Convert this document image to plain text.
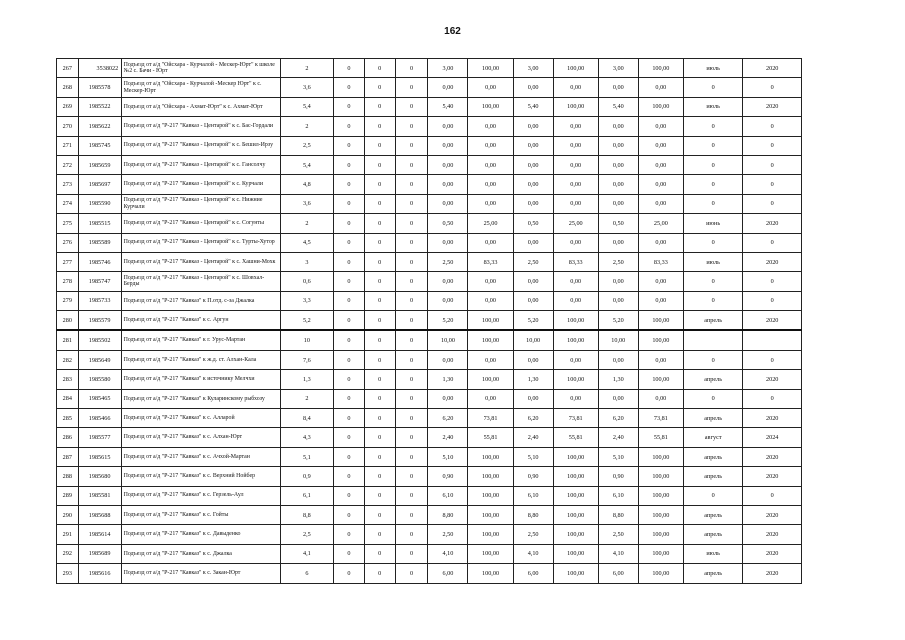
162
267	3538022	Подъезд от а/д "Ойсхара - Курчалой - Мескер-Юрт" к школе №2 с. Бачи - Юрт	2	0	0	0	3,00	100,00	3,00	100,00	3,00	100,00	июль	2020
268	1985578	Подъезд от а/д "Ойсхара - Курчалой -Мескер Юрт" к с. Мескер-Юрт	3,6	0	0	0	0,00	0,00	0,00	0,00	0,00	0,00	0	0
269	1985522	Подъезд от а/д "Ойсхара - Ахмат-Юрт" к с. Ахмат-Юрт	5,4	0	0	0	5,40	100,00	5,40	100,00	5,40	100,00	июль	2020
270	1985622	Подъезд от а/д "Р-217 "Кавказ - Центарой" к с. Бас-Гордали	2	0	0	0	0,00	0,00	0,00	0,00	0,00	0,00	0	0
271	1985745	Подъезд от а/д "Р-217 "Кавказ - Центарой" к с. Бешил-Ирзу	2,5	0	0	0	0,00	0,00	0,00	0,00	0,00	0,00	0	0
272	1985659	Подъезд от а/д "Р-217 "Кавказ - Центарой" к с. Гансолчу	5,4	0	0	0	0,00	0,00	0,00	0,00	0,00	0,00	0	0
273	1985697	Подъезд от а/д "Р-217 "Кавказ - Центарой" к с. Курчали	4,8	0	0	0	0,00	0,00	0,00	0,00	0,00	0,00	0	0
274	1985590	Подъезд от а/д "Р-217 "Кавказ - Центарой" к с. Нижние Курчали	3,6	0	0	0	0,00	0,00	0,00	0,00	0,00	0,00	0	0
275	1985515	Подъезд от а/д "Р-217 "Кавказ - Центарой" к с. Согунты	2	0	0	0	0,50	25,00	0,50	25,00	0,50	25,00	июнь	2020
276	1985589	Подъезд от а/д "Р-217 "Кавказ - Центарой" к с. Турты-Хутор	4,5	0	0	0	0,00	0,00	0,00	0,00	0,00	0,00	0	0
277	1985746	Подъезд от а/д "Р-217 "Кавказ - Центарой" к с. Хашни-Мохк	3	0	0	0	2,50	83,33	2,50	83,33	2,50	83,33	июль	2020
278	1985747	Подъезд от а/д "Р-217 "Кавказ - Центарой" к с. Шовхал-Берды	0,6	0	0	0	0,00	0,00	0,00	0,00	0,00	0,00	0	0
279	1985733	Подъезд от а/д "Р-217 "Кавказ" к П.отд. с-за Джалка	3,3	0	0	0	0,00	0,00	0,00	0,00	0,00	0,00	0	0
280	1985579	Подъезд от а/д "Р-217 "Кавказ" к с. Аргун	5,2	0	0	0	5,20	100,00	5,20	100,00	5,20	100,00	апрель	2020
281	1985502	Подъезд от а/д "Р-217 "Кавказ" к г. Урус-Мартан	10	0	0	0	10,00	100,00	10,00	100,00	10,00	100,00		
282	1985649	Подъезд от а/д "Р-217 "Кавказ" к ж.д. ст. Алхан-Кала	7,6	0	0	0	0,00	0,00	0,00	0,00	0,00	0,00	0	0
283	1985580	Подъезд от а/д "Р-217 "Кавказ" к источнику Мелчхи	1,3	0	0	0	1,30	100,00	1,30	100,00	1,30	100,00	апрель	2020
284	1985465	Подъезд от а/д "Р-217 "Кавказ" к Куларинскому рыбхозу	2	0	0	0	0,00	0,00	0,00	0,00	0,00	0,00	0	0
285	1985466	Подъезд от а/д "Р-217 "Кавказ" к с. Алларой	8,4	0	0	0	6,20	73,81	6,20	73,81	6,20	73,81	апрель	2020
286	1985577	Подъезд от а/д "Р-217 "Кавказ" к с. Алхан-Юрт	4,3	0	0	0	2,40	55,81	2,40	55,81	2,40	55,81	август	2024
287	1985615	Подъезд от а/д "Р-217 "Кавказ" к с. Ачхой-Мартан	5,1	0	0	0	5,10	100,00	5,10	100,00	5,10	100,00	апрель	2020
288	1985680	Подъезд от а/д "Р-217 "Кавказ" к с. Верхний Нойбер	0,9	0	0	0	0,90	100,00	0,90	100,00	0,90	100,00	апрель	2020
289	1985581	Подъезд от а/д "Р-217 "Кавказ" к с. Герзель-Аул	6,1	0	0	0	6,10	100,00	6,10	100,00	6,10	100,00	0	0
290	1985688	Подъезд от а/д "Р-217 "Кавказ" к с. Гойты	8,8	0	0	0	8,80	100,00	8,80	100,00	8,80	100,00	апрель	2020
291	1985614	Подъезд от а/д "Р-217 "Кавказ" к с. Давыденко	2,5	0	0	0	2,50	100,00	2,50	100,00	2,50	100,00	апрель	2020
292	1985689	Подъезд от а/д "Р-217 "Кавказ" к с. Джалка	4,1	0	0	0	4,10	100,00	4,10	100,00	4,10	100,00	июль	2020
293	1985616	Подъезд от а/д "Р-217 "Кавказ" к с. Закан-Юрт	6	0	0	0	6,00	100,00	6,00	100,00	6,00	100,00	апрель	2020
